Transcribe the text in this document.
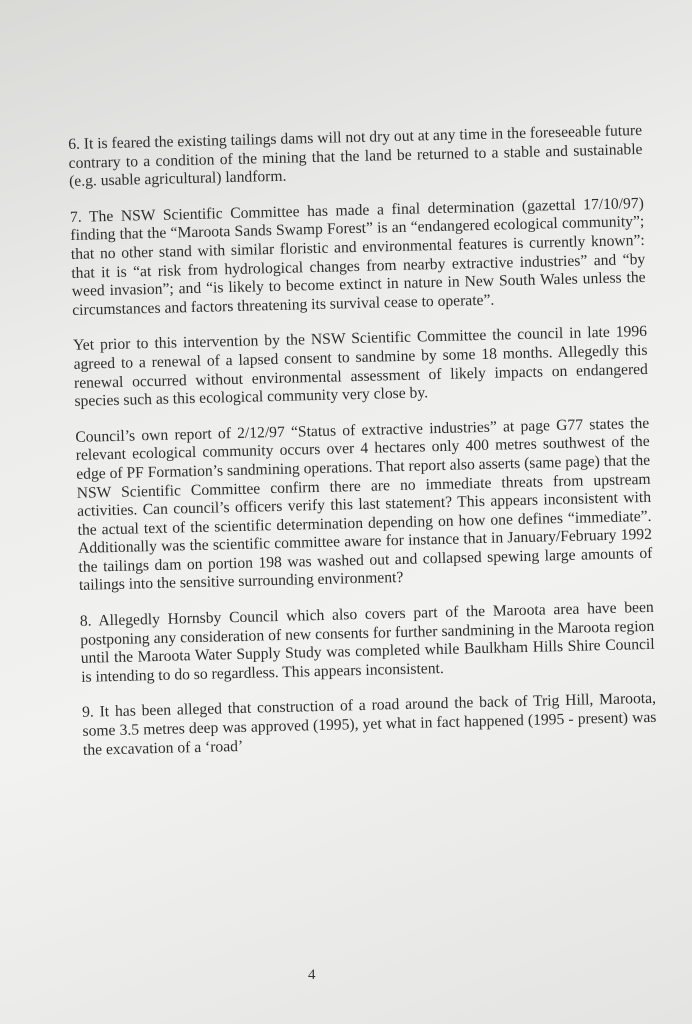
6. It is feared the existing tailings dams will not dry out at any time in the foreseeable future contrary to a condition of the mining that the land be returned to a stable and sustainable (e.g. usable agricultural) landform.

7. The NSW Scientific Committee has made a final determination (gazettal 17/10/97) finding that the “Maroota Sands Swamp Forest” is an “endangered ecological community”; that no other stand with similar floristic and environmental features is currently known”: that it is “at risk from hydrological changes from nearby extractive industries” and “by weed invasion”; and “is likely to become extinct in nature in New South Wales unless the circumstances and factors threatening its survival cease to operate”.

Yet prior to this intervention by the NSW Scientific Committee the council in late 1996 agreed to a renewal of a lapsed consent to sandmine by some 18 months. Allegedly this renewal occurred without environmental assessment of likely impacts on endangered species such as this ecological community very close by.

Council’s own report of 2/12/97 “Status of extractive industries” at page G77 states the relevant ecological community occurs over 4 hectares only 400 metres southwest of the edge of PF Formation’s sandmining operations. That report also asserts (same page) that the NSW Scientific Committee confirm there are no immediate threats from upstream activities. Can council’s officers verify this last statement? This appears inconsistent with the actual text of the scientific determination depending on how one defines “immediate”. Additionally was the scientific committee aware for instance that in January/February 1992 the tailings dam on portion 198 was washed out and collapsed spewing large amounts of tailings into the sensitive surrounding environment?

8. Allegedly Hornsby Council which also covers part of the Maroota area have been postponing any consideration of new consents for further sandmining in the Maroota region until the Maroota Water Supply Study was completed while Baulkham Hills Shire Council is intending to do so regardless. This appears inconsistent.

9. It has been alleged that construction of a road around the back of Trig Hill, Maroota, some 3.5 metres deep was approved (1995), yet what in fact happened (1995 - present) was the excavation of a ‘road’

4
